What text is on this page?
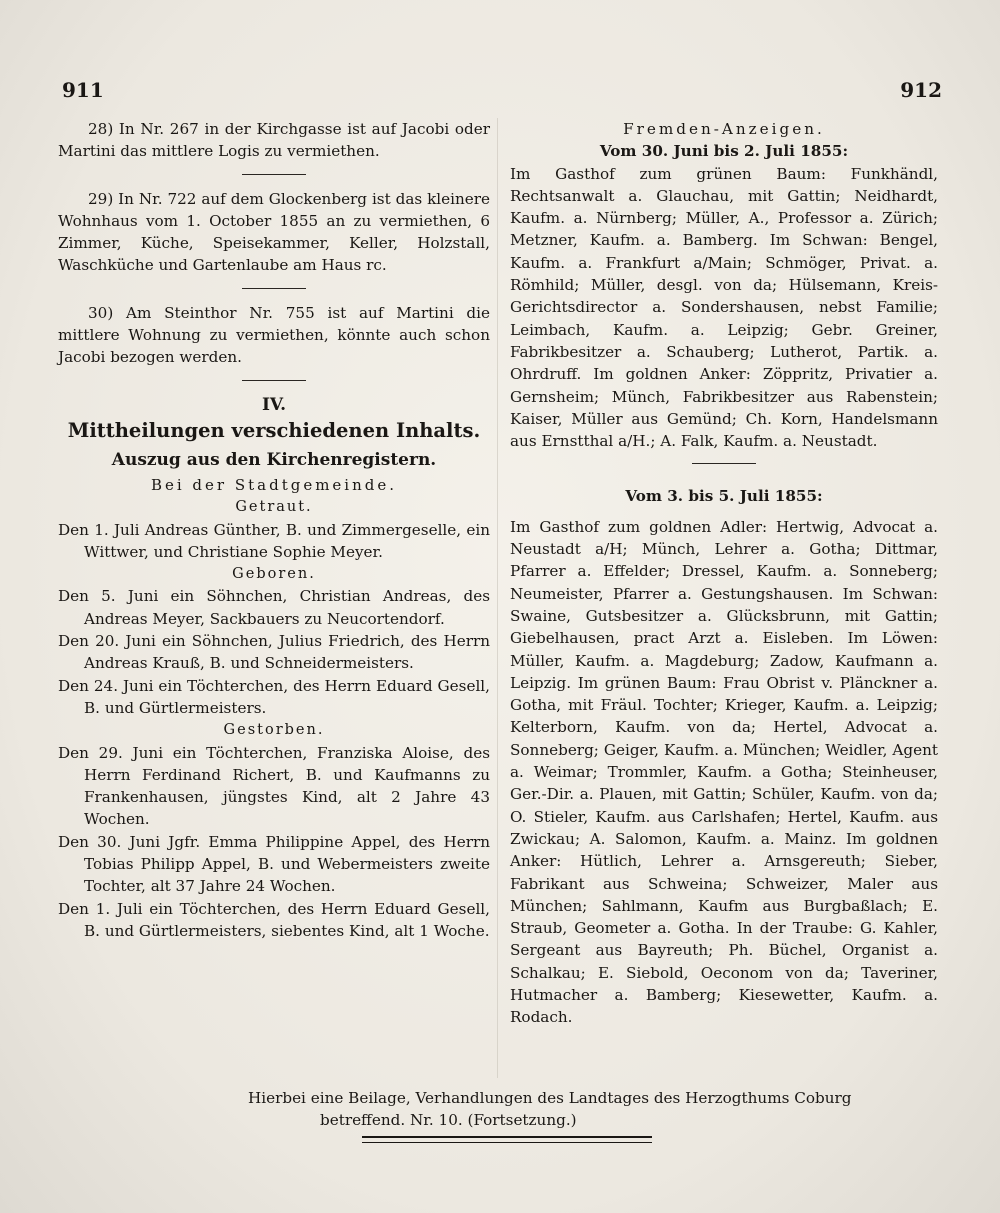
911	912

28) In Nr. 267 in der Kirchgasse ist auf Jacobi oder Martini das mittlere Logis zu vermiethen.

29) In Nr. 722 auf dem Glockenberg ist das kleinere Wohnhaus vom 1. October 1855 an zu vermiethen, 6 Zimmer, Küche, Speisekammer, Keller, Holzstall, Waschküche und Gartenlaube am Haus rc.

30) Am Steinthor Nr. 755 ist auf Martini die mittlere Wohnung zu vermiethen, könnte auch schon Jacobi bezogen werden.

IV.
Mittheilungen verschiedenen Inhalts.
Auszug aus den Kirchenregistern.
Bei der Stadtgemeinde.
Getraut.

Den 1. Juli Andreas Günther, B. und Zimmergeselle, ein Wittwer, und Christiane Sophie Meyer.

Geboren.

Den 5. Juni ein Söhnchen, Christian Andreas, des Andreas Meyer, Sackbauers zu Neucortendorf.

Den 20. Juni ein Söhnchen, Julius Friedrich, des Herrn Andreas Krauß, B. und Schneidermeisters.

Den 24. Juni ein Töchterchen, des Herrn Eduard Gesell, B. und Gürtlermeisters.

Gestorben.

Den 29. Juni ein Töchterchen, Franziska Aloise, des Herrn Ferdinand Richert, B. und Kaufmanns zu Frankenhausen, jüngstes Kind, alt 2 Jahre 43 Wochen.

Den 30. Juni Jgfr. Emma Philippine Appel, des Herrn Tobias Philipp Appel, B. und Webermeisters zweite Tochter, alt 37 Jahre 24 Wochen.

Den 1. Juli ein Töchterchen, des Herrn Eduard Gesell, B. und Gürtlermeisters, siebentes Kind, alt 1 Woche.

Fremden-Anzeigen.
Vom 30. Juni bis 2. Juli 1855:

Im Gasthof zum grünen Baum: Funkhändl, Rechtsanwalt a. Glauchau, mit Gattin; Neidhardt, Kaufm. a. Nürnberg; Müller, A., Professor a. Zürich; Metzner, Kaufm. a. Bamberg. Im Schwan: Bengel, Kaufm. a. Frankfurt a/Main; Schmöger, Privat. a. Römhild; Müller, desgl. von da; Hülsemann, Kreis-Gerichtsdirector a. Sondershausen, nebst Familie; Leimbach, Kaufm. a. Leipzig; Gebr. Greiner, Fabrikbesitzer a. Schauberg; Lutherot, Partik. a. Ohrdruff. Im goldnen Anker: Zöppritz, Privatier a. Gernsheim; Münch, Fabrikbesitzer aus Rabenstein; Kaiser, Müller aus Gemünd; Ch. Korn, Handelsmann aus Ernstthal a/H.; A. Falk, Kaufm. a. Neustadt.

Vom 3. bis 5. Juli 1855:

Im Gasthof zum goldnen Adler: Hertwig, Advocat a. Neustadt a/H; Münch, Lehrer a. Gotha; Dittmar, Pfarrer a. Effelder; Dressel, Kaufm. a. Sonneberg; Neumeister, Pfarrer a. Gestungshausen. Im Schwan: Swaine, Gutsbesitzer a. Glücksbrunn, mit Gattin; Giebelhausen, pract Arzt a. Eisleben. Im Löwen: Müller, Kaufm. a. Magdeburg; Zadow, Kaufmann a. Leipzig. Im grünen Baum: Frau Obrist v. Plänckner a. Gotha, mit Fräul. Tochter; Krieger, Kaufm. a. Leipzig; Kelterborn, Kaufm. von da; Hertel, Advocat a. Sonneberg; Geiger, Kaufm. a. München; Weidler, Agent a. Weimar; Trommler, Kaufm. a Gotha; Steinheuser, Ger.-Dir. a. Plauen, mit Gattin; Schüler, Kaufm. von da; O. Stieler, Kaufm. aus Carlshafen; Hertel, Kaufm. aus Zwickau; A. Salomon, Kaufm. a. Mainz. Im goldnen Anker: Hütlich, Lehrer a. Arnsgereuth; Sieber, Fabrikant aus Schweina; Schweizer, Maler aus München; Sahlmann, Kaufm aus Burgbaßlach; E. Straub, Geometer a. Gotha. In der Traube: G. Kahler, Sergeant aus Bayreuth; Ph. Büchel, Organist a. Schalkau; E. Siebold, Oeconom von da; Taveriner, Hutmacher a. Bamberg; Kiesewetter, Kaufm. a. Rodach.

Hierbei eine Beilage, Verhandlungen des Landtages des Herzogthums Coburg

betreffend. Nr. 10. (Fortsetzung.)
